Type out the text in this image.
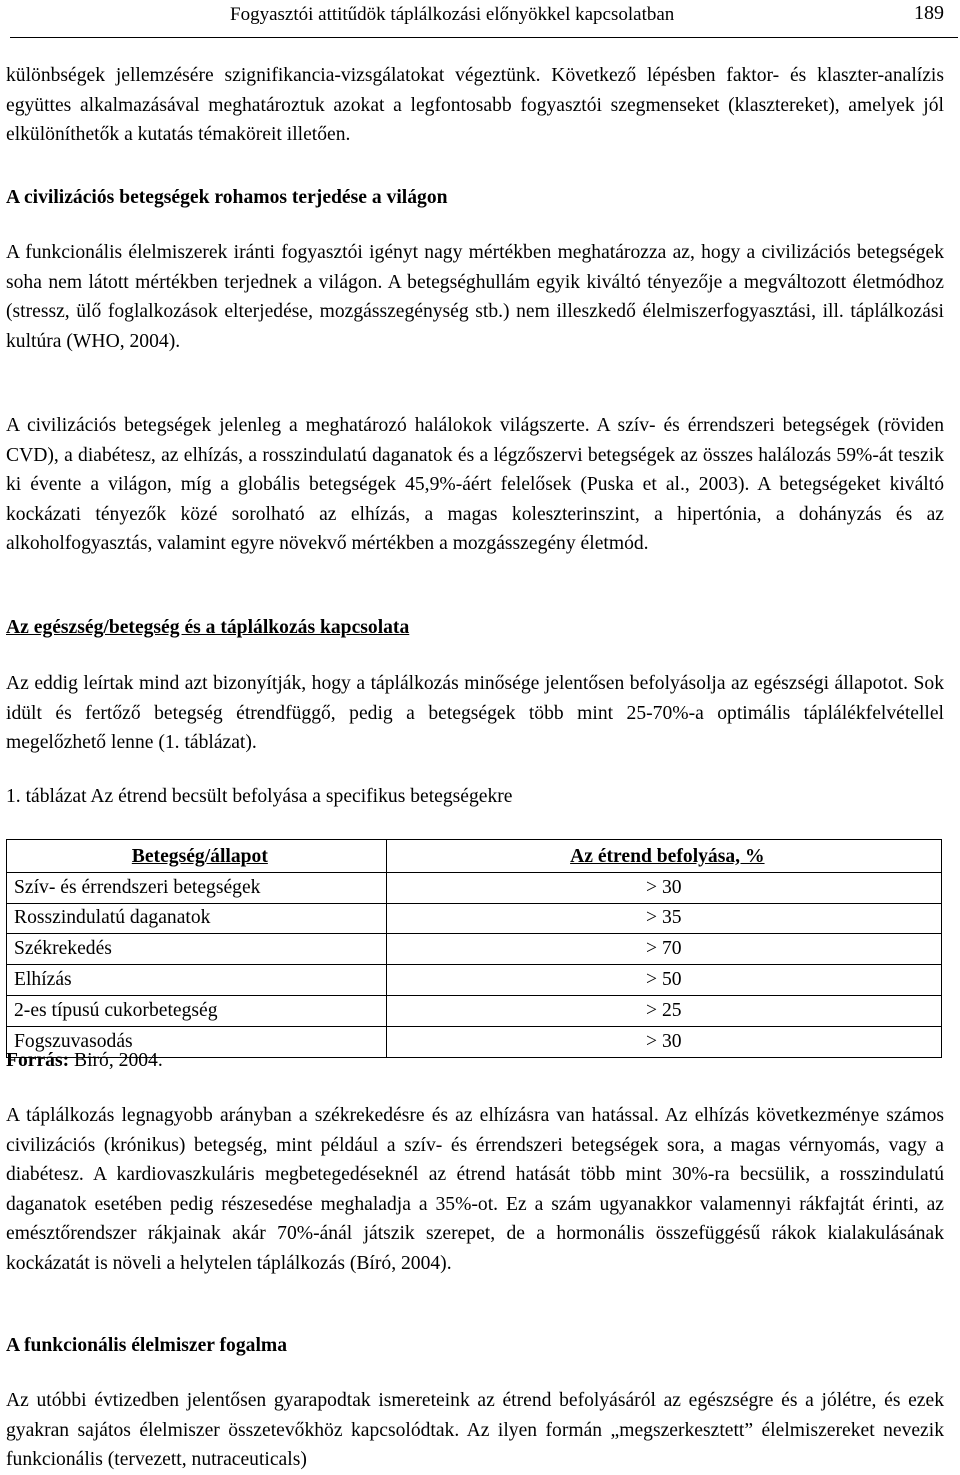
Fogyasztói attitűdök táplálkozási előnyökkel kapcsolatban	189

különbségek jellemzésére szignifikancia-vizsgálatokat végeztünk. Következő lépésben faktor- és klaszter-analízis együttes alkalmazásával meghatároztuk azokat a legfontosabb fogyasztói szegmenseket (klasztereket), amelyek jól elkülöníthetők a kutatás témaköreit illetően.

A civilizációs betegségek rohamos terjedése a világon

A funkcionális élelmiszerek iránti fogyasztói igényt nagy mértékben meghatározza az, hogy a civilizációs betegségek soha nem látott mértékben terjednek a világon. A betegséghullám egyik kiváltó tényezője a megváltozott életmódhoz (stressz, ülő foglalkozások elterjedése, mozgásszegénység stb.) nem illeszkedő élelmiszerfogyasztási, ill. táplálkozási kultúra (WHO, 2004).

A civilizációs betegségek jelenleg a meghatározó halálokok világszerte. A szív- és érrendszeri betegségek (röviden CVD), a diabétesz, az elhízás, a rosszindulatú daganatok és a légzőszervi betegségek az összes halálozás 59%-át teszik ki évente a világon, míg a globális betegségek 45,9%-áért felelősek (Puska et al., 2003). A betegségeket kiváltó kockázati tényezők közé sorolható az elhízás, a magas koleszterinszint, a hipertónia, a dohányzás és az alkoholfogyasztás, valamint egyre növekvő mértékben a mozgásszegény életmód.

Az egészség/betegség és a táplálkozás kapcsolata

Az eddig leírtak mind azt bizonyítják, hogy a táplálkozás minősége jelentősen befolyásolja az egészségi állapotot. Sok idült és fertőző betegség étrendfüggő, pedig a betegségek több mint 25-70%-a optimális táplálékfelvétellel megelőzhető lenne (1. táblázat).

1. táblázat Az étrend becsült befolyása a specifikus betegségekre

Betegség/állapot	Az étrend befolyása, %
Szív- és érrendszeri betegségek	> 30
Rosszindulatú daganatok	> 35
Székrekedés	> 70
Elhízás	> 50
2-es típusú cukorbetegség	> 25
Fogszuvasodás	> 30
Forrás: Biró, 2004.

A táplálkozás legnagyobb arányban a székrekedésre és az elhízásra van hatással. Az elhízás következménye számos civilizációs (krónikus) betegség, mint például a szív- és érrendszeri betegségek sora, a magas vérnyomás, vagy a diabétesz. A kardiovaszkuláris megbetegedéseknél az étrend hatását több mint 30%-ra becsülik, a rosszindulatú daganatok esetében pedig részesedése meghaladja a 35%-ot. Ez a szám ugyanakkor valamennyi rákfajtát érinti, az emésztőrendszer rákjainak akár 70%-ánál játszik szerepet, de a hormonális összefüggésű rákok kialakulásának kockázatát is növeli a helytelen táplálkozás (Bíró, 2004).

A funkcionális élelmiszer fogalma

Az utóbbi évtizedben jelentősen gyarapodtak ismereteink az étrend befolyásáról az egészségre és a jólétre, és ezek gyakran sajátos élelmiszer összetevőkhöz kapcsolódtak. Az ilyen formán „megszerkesztett” élelmiszereket nevezik funkcionális (tervezett, nutraceuticals)
